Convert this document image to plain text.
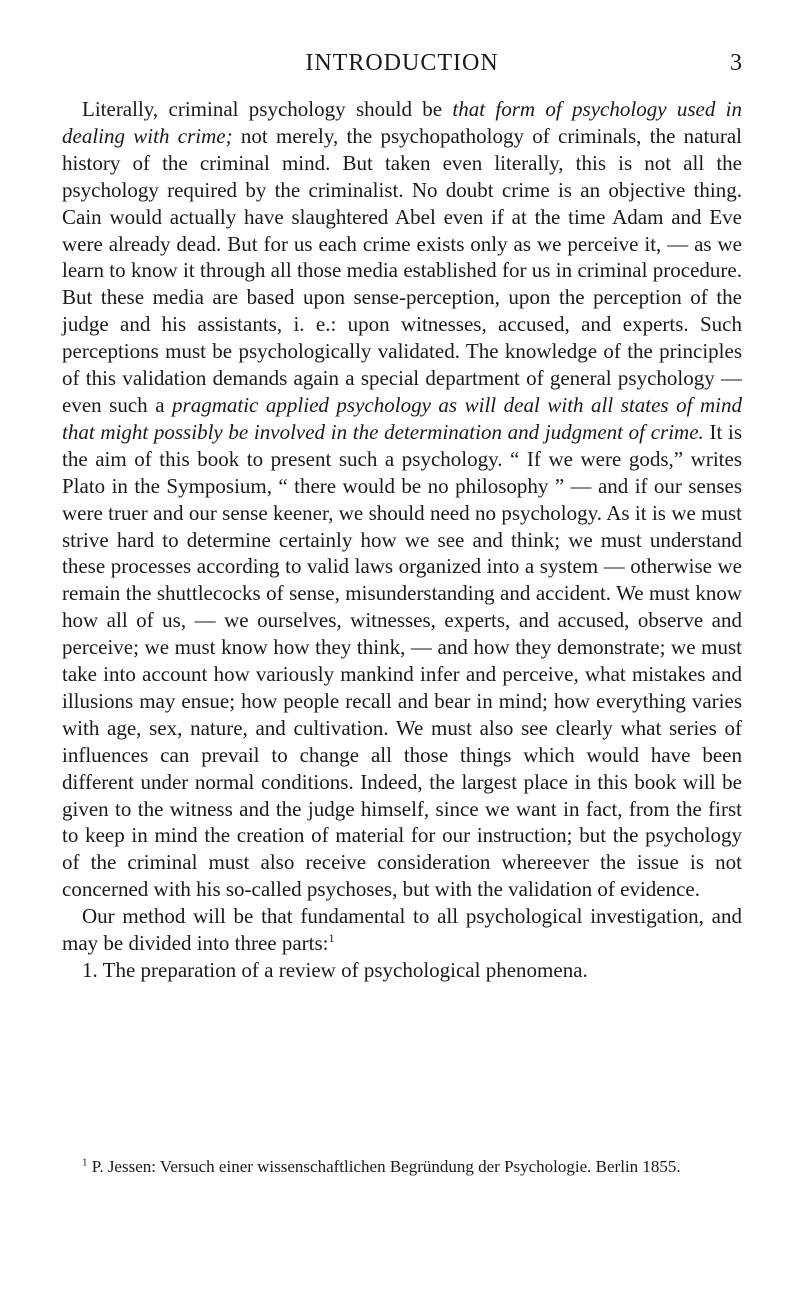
INTRODUCTION	3

Literally, criminal psychology should be that form of psychology used in dealing with crime; not merely, the psychopathology of criminals, the natural history of the criminal mind. But taken even literally, this is not all the psychology required by the criminalist. No doubt crime is an objective thing. Cain would actually have slaughtered Abel even if at the time Adam and Eve were already dead. But for us each crime exists only as we perceive it, — as we learn to know it through all those media established for us in criminal procedure. But these media are based upon sense-perception, upon the perception of the judge and his assistants, i. e.: upon witnesses, accused, and experts. Such perceptions must be psychologically validated. The knowledge of the principles of this validation demands again a special department of general psychology — even such a pragmatic applied psychology as will deal with all states of mind that might possibly be involved in the determination and judgment of crime. It is the aim of this book to present such a psychology. “ If we were gods,” writes Plato in the Symposium, “ there would be no philosophy ” — and if our senses were truer and our sense keener, we should need no psychology. As it is we must strive hard to determine certainly how we see and think; we must understand these processes according to valid laws organized into a system — otherwise we remain the shuttlecocks of sense, misunderstanding and accident. We must know how all of us, — we ourselves, witnesses, experts, and accused, observe and perceive; we must know how they think, — and how they demonstrate; we must take into account how variously mankind infer and perceive, what mistakes and illusions may ensue; how people recall and bear in mind; how everything varies with age, sex, nature, and cultivation. We must also see clearly what series of influences can prevail to change all those things which would have been different under normal conditions. Indeed, the largest place in this book will be given to the witness and the judge himself, since we want in fact, from the first to keep in mind the creation of material for our instruction; but the psychology of the criminal must also receive consideration whereever the issue is not concerned with his so-called psychoses, but with the validation of evidence.

Our method will be that fundamental to all psychological investigation, and may be divided into three parts:$^1$

1. The preparation of a review of psychological phenomena.

$^1$ P. Jessen: Versuch einer wissenschaftlichen Begründung der Psychologie. Berlin 1855.
